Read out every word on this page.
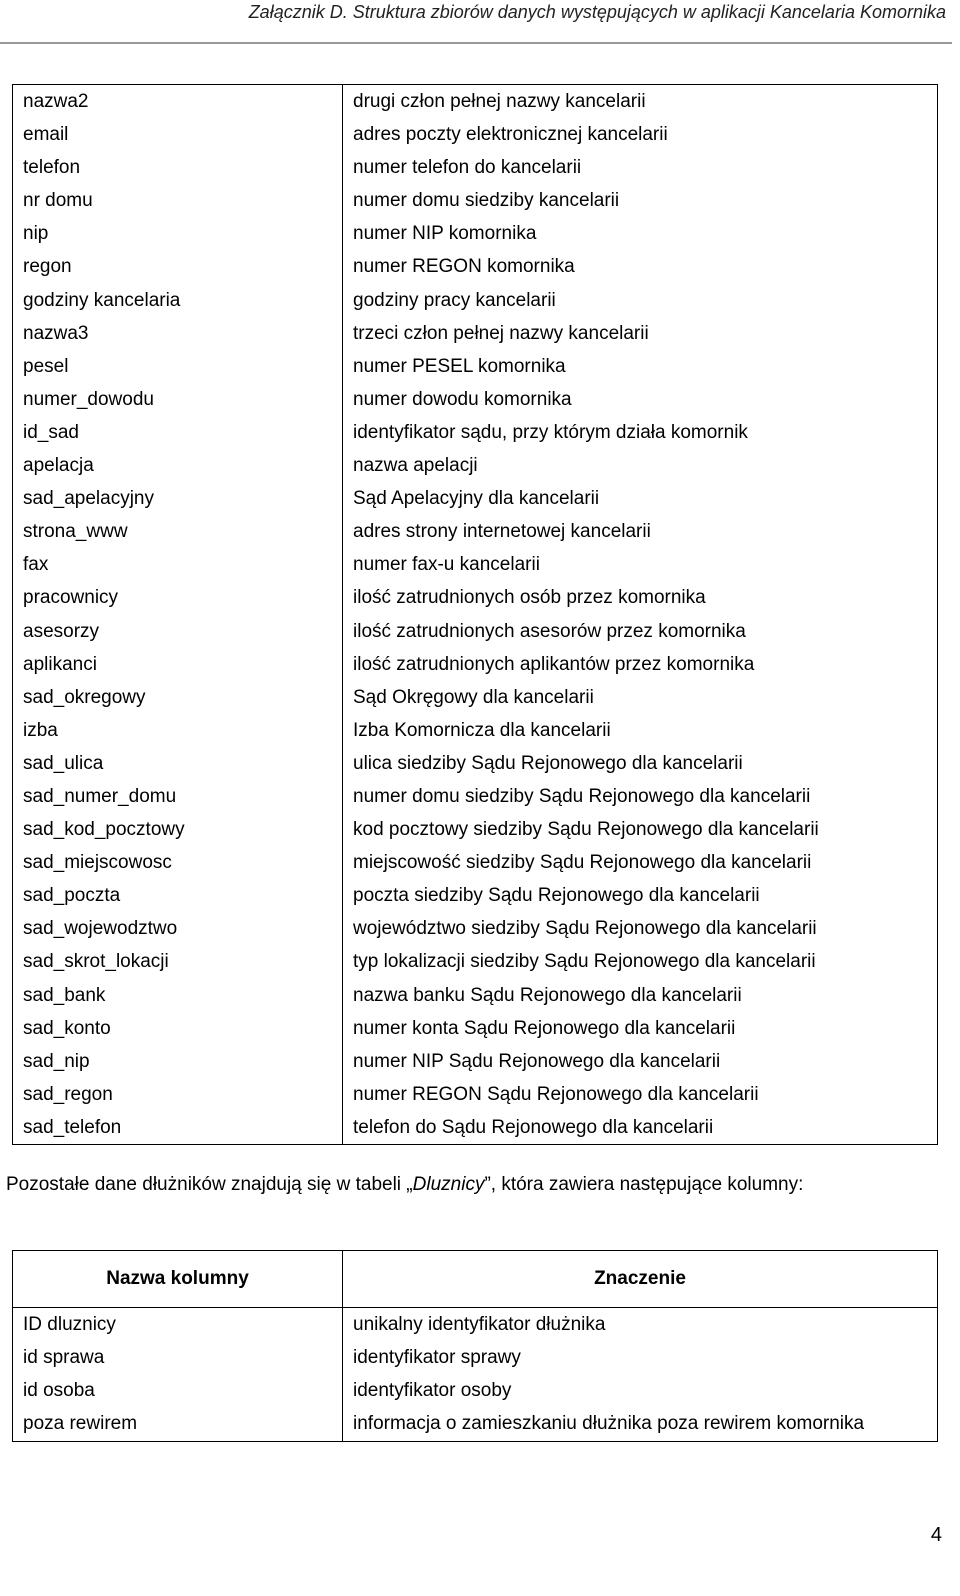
Załącznik D. Struktura zbiorów danych występujących w aplikacji Kancelaria Komornika
nazwa2	drugi człon pełnej nazwy kancelarii
email	adres poczty elektronicznej kancelarii
telefon	numer telefon do kancelarii
nr domu	numer domu siedziby kancelarii
nip	numer NIP komornika
regon	numer REGON komornika
godziny kancelaria	godziny pracy kancelarii
nazwa3	trzeci człon pełnej nazwy kancelarii
pesel	numer PESEL komornika
numer_dowodu	numer dowodu komornika
id_sad	identyfikator sądu, przy którym działa komornik
apelacja	nazwa apelacji
sad_apelacyjny	Sąd Apelacyjny dla kancelarii
strona_www	adres strony internetowej kancelarii
fax	numer fax-u kancelarii
pracownicy	ilość zatrudnionych osób przez komornika
asesorzy	ilość zatrudnionych asesorów przez komornika
aplikanci	ilość zatrudnionych aplikantów przez komornika
sad_okregowy	Sąd Okręgowy dla kancelarii
izba	Izba Komornicza dla kancelarii
sad_ulica	ulica siedziby Sądu Rejonowego dla kancelarii
sad_numer_domu	numer domu siedziby Sądu Rejonowego dla kancelarii
sad_kod_pocztowy	kod pocztowy siedziby Sądu Rejonowego dla kancelarii
sad_miejscowosc	miejscowość siedziby Sądu Rejonowego dla kancelarii
sad_poczta	poczta siedziby Sądu Rejonowego dla kancelarii
sad_wojewodztwo	województwo siedziby Sądu Rejonowego dla kancelarii
sad_skrot_lokacji	typ lokalizacji siedziby Sądu Rejonowego dla kancelarii
sad_bank	nazwa banku Sądu Rejonowego dla kancelarii
sad_konto	numer konta Sądu Rejonowego dla kancelarii
sad_nip	numer NIP Sądu Rejonowego dla kancelarii
sad_regon	numer REGON Sądu Rejonowego dla kancelarii
sad_telefon	telefon do Sądu Rejonowego dla kancelarii
Pozostałe dane dłużników znajdują się w tabeli „Dluznicy”, która zawiera następujące kolumny:
Nazwa kolumny	Znaczenie
ID dluznicy	unikalny identyfikator dłużnika
id sprawa	identyfikator sprawy
id osoba	identyfikator osoby
poza rewirem	informacja o zamieszkaniu dłużnika poza rewirem komornika
4
